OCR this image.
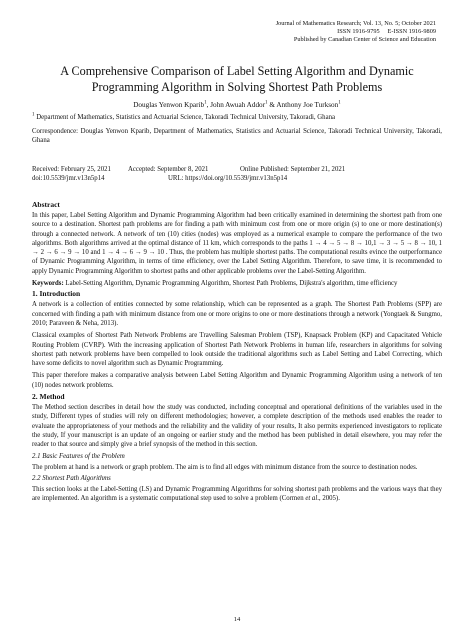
Journal of Mathematics Research; Vol. 13, No. 5; October 2021
ISSN 1916-9795     E-ISSN 1916-9809
Published by Canadian Center of Science and Education
A Comprehensive Comparison of Label Setting Algorithm and Dynamic Programming Algorithm in Solving Shortest Path Problems
Douglas Yenwon Kparib$^1$, John Awuah Addor$^1$ & Anthony Joe Turkson$^1$
$^1$ Department of Mathematics, Statistics and Actuarial Science, Takoradi Technical University, Takoradi, Ghana
Correspondence: Douglas Yenwon Kparib, Department of Mathematics, Statistics and Actuarial Science, Takoradi Technical University, Takoradi, Ghana
Received: February 25, 2021	Accepted: September 8, 2021	Online Published: September 21, 2021
doi:10.5539/jmr.v13n5p14	URL: https://doi.org/10.5539/jmr.v13n5p14
Abstract

In this paper, Label Setting Algorithm and Dynamic Programming Algorithm had been critically examined in determining the shortest path from one source to a destination. Shortest path problems are for finding a path with minimum cost from one or more origin (s) to one or more destination(s) through a connected network. A network of ten (10) cities (nodes) was employed as a numerical example to compare the performance of the two algorithms. Both algorithms arrived at the optimal distance of 11 km, which corresponds to the paths 1 → 4 → 5 → 8 → 10,1 → 3 → 5 → 8 → 10, 1 → 2 → 6 → 9 → 10 and 1 → 4 → 6 → 9 → 10 . Thus, the problem has multiple shortest paths. The computational results evince the outperformance of Dynamic Programming Algorithm, in terms of time efficiency, over the Label Setting Algorithm. Therefore, to save time, it is recommended to apply Dynamic Programming Algorithm to shortest paths and other applicable problems over the Label-Setting Algorithm.

Keywords: Label-Setting Algorithm, Dynamic Programming Algorithm, Shortest Path Problems, Dijkstra's algorithm, time efficiency

1. Introduction

A network is a collection of entities connected by some relationship, which can be represented as a graph. The Shortest Path Problems (SPP) are concerned with finding a path with minimum distance from one or more origins to one or more destinations through a network (Yongtaek & Sungmo, 2010; Paraveen & Neha, 2013).

Classical examples of Shortest Path Network Problems are Travelling Salesman Problem (TSP), Knapsack Problem (KP) and Capacitated Vehicle Routing Problem (CVRP). With the increasing application of Shortest Path Network Problems in human life, researchers in algorithms for solving shortest path network problems have been compelled to look outside the traditional algorithms such as Label Setting and Label Correcting, which have some deficits to novel algorithm such as Dynamic Programming.

This paper therefore makes a comparative analysis between Label Setting Algorithm and Dynamic Programming Algorithm using a network of ten (10) nodes network problems.

2. Method

The Method section describes in detail how the study was conducted, including conceptual and operational definitions of the variables used in the study, Different types of studies will rely on different methodologies; however, a complete description of the methods used enables the reader to evaluate the appropriateness of your methods and the reliability and the validity of your results, It also permits experienced investigators to replicate the study, If your manuscript is an update of an ongoing or earlier study and the method has been published in detail elsewhere, you may refer the reader to that source and simply give a brief synopsis of the method in this section.

2.1 Basic Features of the Problem

The problem at hand is a network or graph problem. The aim is to find all edges with minimum distance from the source to destination nodes.

2.2 Shortest Path Algorithms

This section looks at the Label-Setting (LS) and Dynamic Programming Algorithms for solving shortest path problems and the various ways that they are implemented. An algorithm is a systematic computational step used to solve a problem (Cormen et al., 2005).

14
